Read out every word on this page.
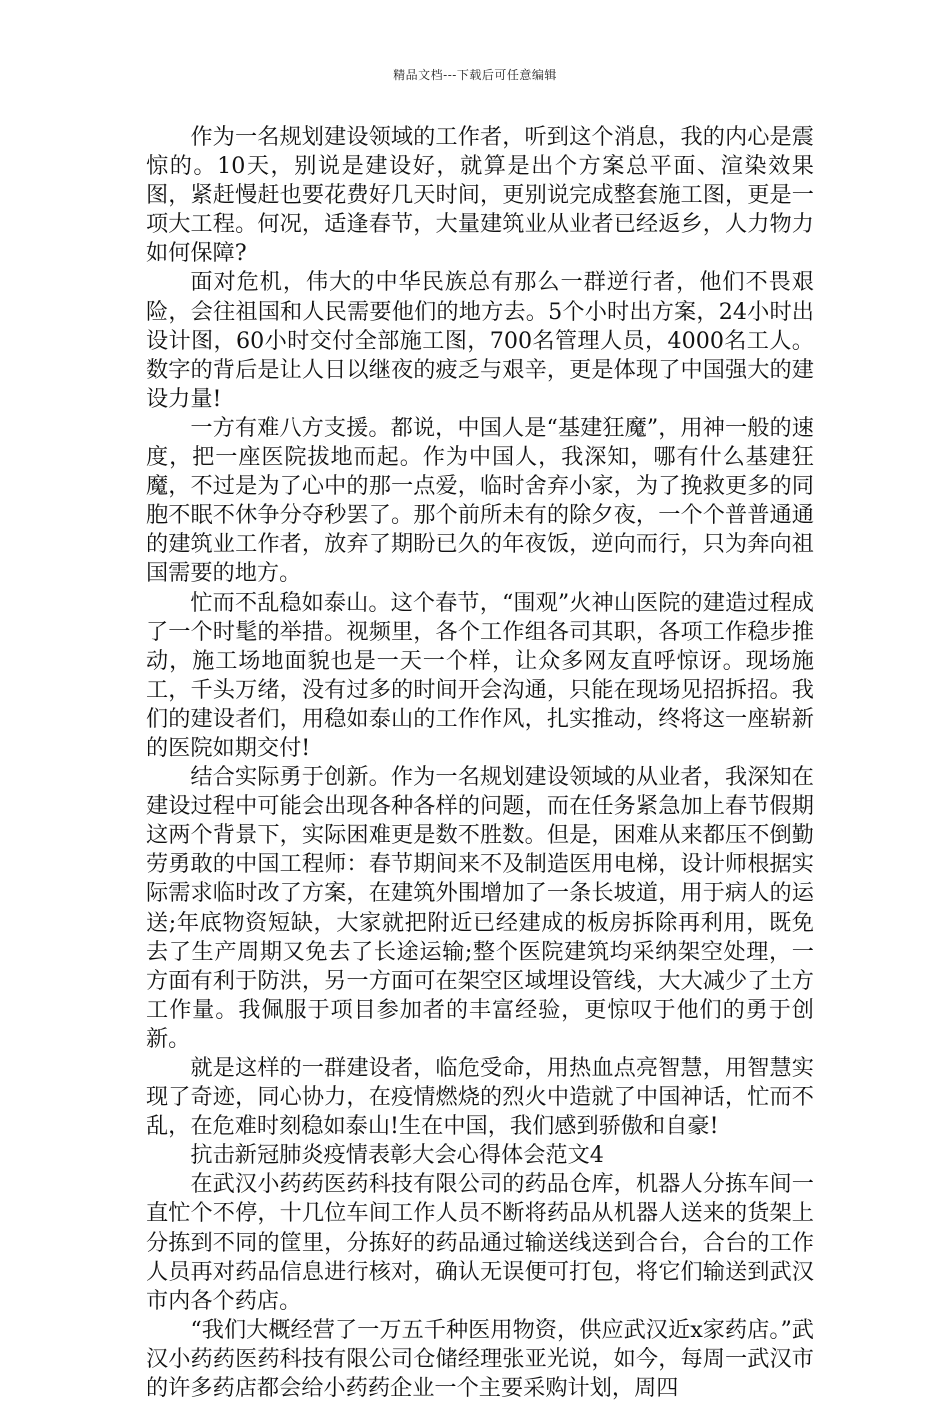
精品文档---下载后可任意编辑

作为一名规划建设领域的工作者，听到这个消息，我的内心是震惊的。10天，别说是建设好，就算是出个方案总平面、渲染效果图，紧赶慢赶也要花费好几天时间，更别说完成整套施工图，更是一项大工程。何况，适逢春节，大量建筑业从业者已经返乡，人力物力如何保障?

面对危机，伟大的中华民族总有那么一群逆行者，他们不畏艰险，会往祖国和人民需要他们的地方去。5个小时出方案，24小时出设计图，60小时交付全部施工图，700名管理人员，4000名工人。数字的背后是让人日以继夜的疲乏与艰辛，更是体现了中国强大的建设力量!

一方有难八方支援。都说，中国人是“基建狂魔”，用神一般的速度，把一座医院拔地而起。作为中国人，我深知，哪有什么基建狂魔，不过是为了心中的那一点爱，临时舍弃小家，为了挽救更多的同胞不眠不休争分夺秒罢了。那个前所未有的除夕夜，一个个普普通通的建筑业工作者，放弃了期盼已久的年夜饭，逆向而行，只为奔向祖国需要的地方。

忙而不乱稳如泰山。这个春节，“围观”火神山医院的建造过程成了一个时髦的举措。视频里，各个工作组各司其职，各项工作稳步推动，施工场地面貌也是一天一个样，让众多网友直呼惊讶。现场施工，千头万绪，没有过多的时间开会沟通，只能在现场见招拆招。我们的建设者们，用稳如泰山的工作作风，扎实推动，终将这一座崭新的医院如期交付!

结合实际勇于创新。作为一名规划建设领域的从业者，我深知在建设过程中可能会出现各种各样的问题，而在任务紧急加上春节假期这两个背景下，实际困难更是数不胜数。但是，困难从来都压不倒勤劳勇敢的中国工程师：春节期间来不及制造医用电梯，设计师根据实际需求临时改了方案，在建筑外围增加了一条长坡道，用于病人的运送;年底物资短缺，大家就把附近已经建成的板房拆除再利用，既免去了生产周期又免去了长途运输;整个医院建筑均采纳架空处理，一方面有利于防洪，另一方面可在架空区域埋设管线，大大减少了土方工作量。我佩服于项目参加者的丰富经验，更惊叹于他们的勇于创新。

就是这样的一群建设者，临危受命，用热血点亮智慧，用智慧实现了奇迹，同心协力，在疫情燃烧的烈火中造就了中国神话，忙而不乱，在危难时刻稳如泰山!生在中国，我们感到骄傲和自豪!

抗击新冠肺炎疫情表彰大会心得体会范文4

在武汉小药药医药科技有限公司的药品仓库，机器人分拣车间一直忙个不停，十几位车间工作人员不断将药品从机器人送来的货架上分拣到不同的筐里，分拣好的药品通过输送线送到合台，合台的工作人员再对药品信息进行核对，确认无误便可打包，将它们输送到武汉市内各个药店。

“我们大概经营了一万五千种医用物资，供应武汉近x家药店。”武汉小药药医药科技有限公司仓储经理张亚光说，如今，每周一武汉市的许多药店都会给小药药企业一个主要采购计划，周四
